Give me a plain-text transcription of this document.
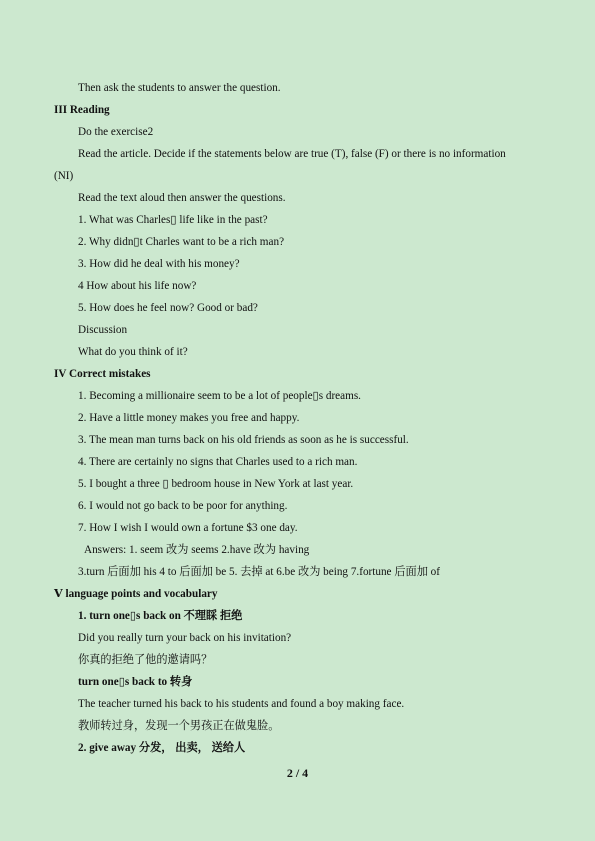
Then ask the students to answer the question.
III Reading
Do the exercise2
Read the article. Decide if the statements below are true (T), false (F) or there is no information
(NI)
Read the text aloud then answer the questions.
1. What was Charles▯ life like in the past?
2. Why didn▯t Charles want to be a rich man?
3. How did he deal with his money?
4 How about his life now?
5. How does he feel now? Good or bad?
Discussion
What do you think of it?
IV Correct mistakes
1. Becoming a millionaire seem to be a lot of people▯s dreams.
2. Have a little money makes you free and happy.
3. The mean man turns back on his old friends as soon as he is successful.
4. There are certainly no signs that Charles used to a rich man.
5. I bought a three ▯ bedroom house in New York at last year.
6. I would not go back to be poor for anything.
7. How I wish I would own a fortune $3 one day.
Answers: 1. seem 改为 seems 2.have 改为 having
3.turn 后面加 his 4 to 后面加 be 5. 去掉 at 6.be 改为 being 7.fortune 后面加 of
Ⅴ language points and vocabulary
1. turn one▯s back on 不理睬 拒绝
Did you really turn your back on his invitation?
你真的拒绝了他的邀请吗？
turn one▯s back to 转身
The teacher turned his back to his students and found a boy making face.
教师转过身，发现一个男孩正在做鬼脸。
2. give away 分发， 出卖， 送给人
2 / 4
